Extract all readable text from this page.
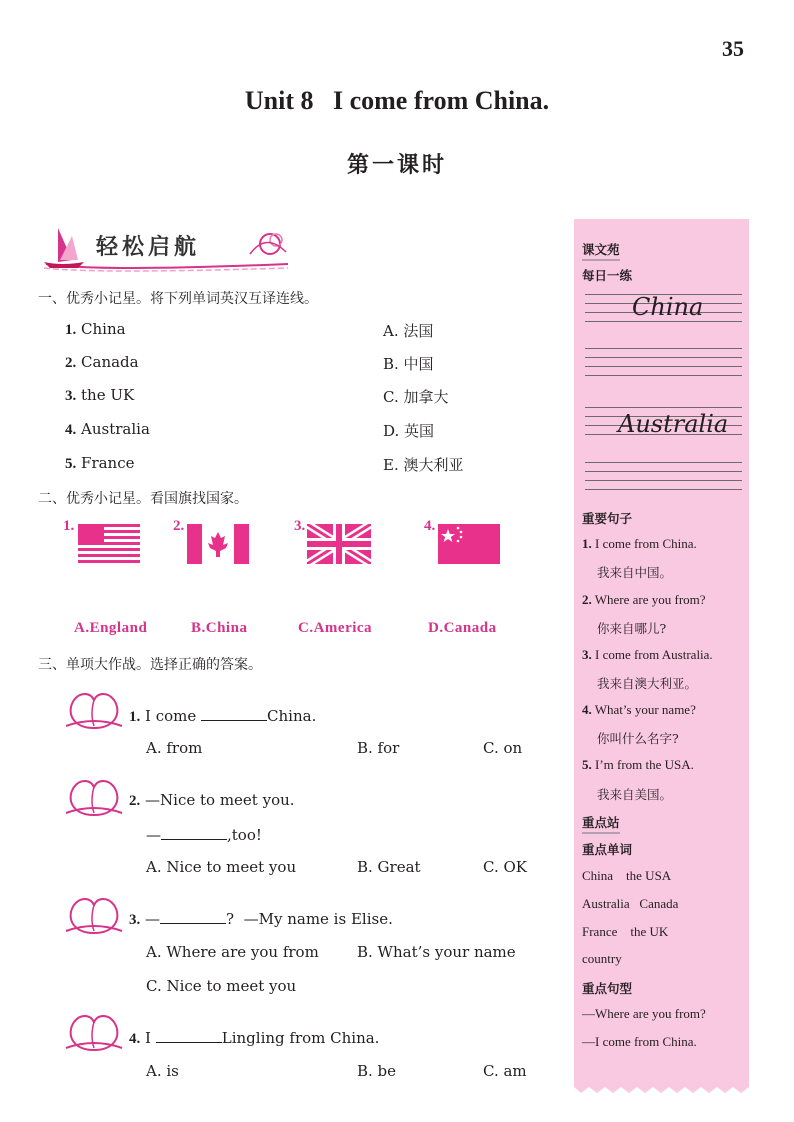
35
Unit 8   I come from China.
第一课时
轻松启航
一、优秀小记星。将下列单词英汉互译连线。
1. China
2. Canada
3. the UK
4. Australia
5. France
A. 法国
B. 中国
C. 加拿大
D. 英国
E. 澳大利亚
二、优秀小记星。看国旗找国家。
1.	2.	3.	4.
A.England	B.China	C.America	D.Canada
三、单项大作战。选择正确的答案。
1. I come	China.
A. from	B. for	C. on
2. —Nice to meet you.
—	,too!
A. Nice to meet you	B. Great	C. OK
3. —	?  —My name is Elise.
A. Where are you from	B. What’s your name
C. Nice to meet you
4. I	Lingling from China.
A. is	B. be	C. am
课文苑
每日一练
China
Australia
重要句子
1. I come from China.
我来自中国。
2. Where are you from?
你来自哪儿?
3. I come from Australia.
我来自澳大利亚。
4. What’s your name?
你叫什么名字?
5. I’m from the USA.
我来自美国。
重点站
重点单词
China    the USA
Australia   Canada
France    the UK
country
重点句型
—Where are you from?
—I come from China.
